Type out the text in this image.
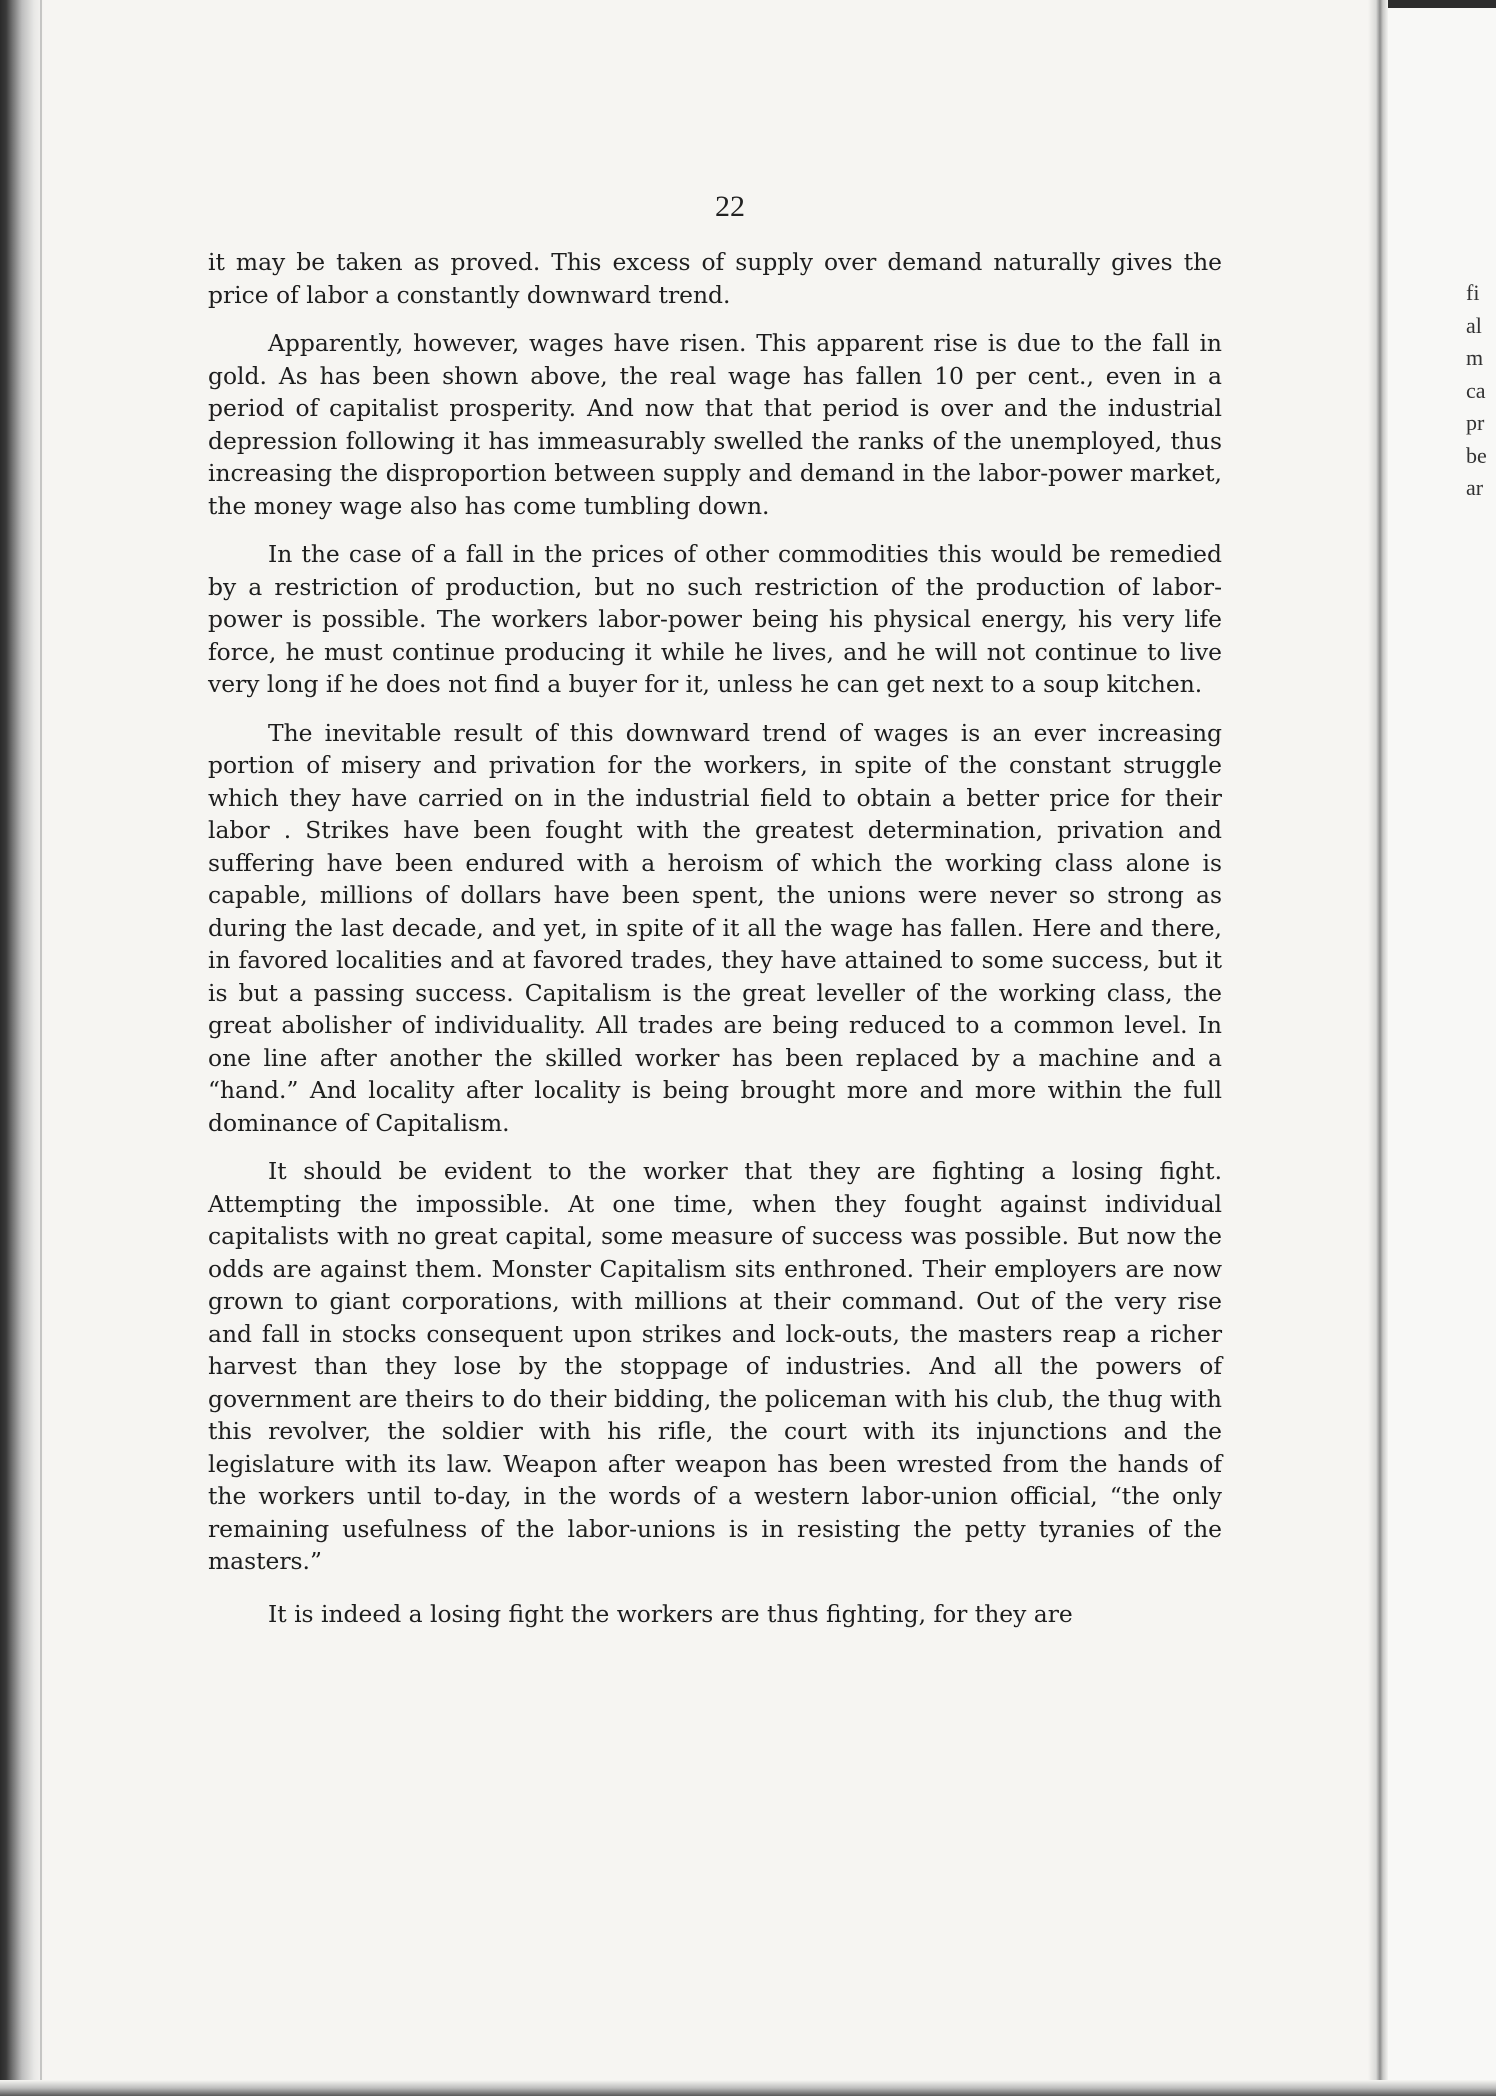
22

it may be taken as proved. This excess of supply over demand naturally gives the price of labor a constantly downward trend.

Apparently, however, wages have risen. This apparent rise is due to the fall in gold. As has been shown above, the real wage has fallen 10 per cent., even in a period of capitalist prosperity. And now that that period is over and the industrial depression following it has immeasurably swelled the ranks of the unemployed, thus increasing the disproportion between supply and demand in the labor-power market, the money wage also has come tumbling down.

In the case of a fall in the prices of other commodities this would be remedied by a restriction of production, but no such restriction of the production of labor-power is possible. The workers labor-power being his physical energy, his very life force, he must continue producing it while he lives, and he will not continue to live very long if he does not find a buyer for it, unless he can get next to a soup kitchen.

The inevitable result of this downward trend of wages is an ever increasing portion of misery and privation for the workers, in spite of the constant struggle which they have carried on in the industrial field to obtain a better price for their labor . Strikes have been fought with the greatest determination, privation and suffering have been endured with a heroism of which the working class alone is capable, millions of dollars have been spent, the unions were never so strong as during the last decade, and yet, in spite of it all the wage has fallen. Here and there, in favored localities and at favored trades, they have attained to some success, but it is but a passing success. Capitalism is the great leveller of the working class, the great abolisher of individuality. All trades are being reduced to a common level. In one line after another the skilled worker has been replaced by a machine and a “hand.” And locality after locality is being brought more and more within the full dominance of Capitalism.

It should be evident to the worker that they are fighting a losing fight. Attempting the impossible. At one time, when they fought against individual capitalists with no great capital, some measure of success was possible. But now the odds are against them. Monster Capitalism sits enthroned. Their employers are now grown to giant corporations, with millions at their command. Out of the very rise and fall in stocks consequent upon strikes and lock-outs, the masters reap a richer harvest than they lose by the stoppage of industries. And all the powers of government are theirs to do their bidding, the policeman with his club, the thug with this revolver, the soldier with his rifle, the court with its injunctions and the legislature with its law. Weapon after weapon has been wrested from the hands of the workers until to-day, in the words of a western labor-union official, “the only remaining usefulness of the labor-unions is in resisting the petty tyranies of the masters.”

It is indeed a losing fight the workers are thus fighting, for they are

fi
al
m
ca
pr
be
ar
